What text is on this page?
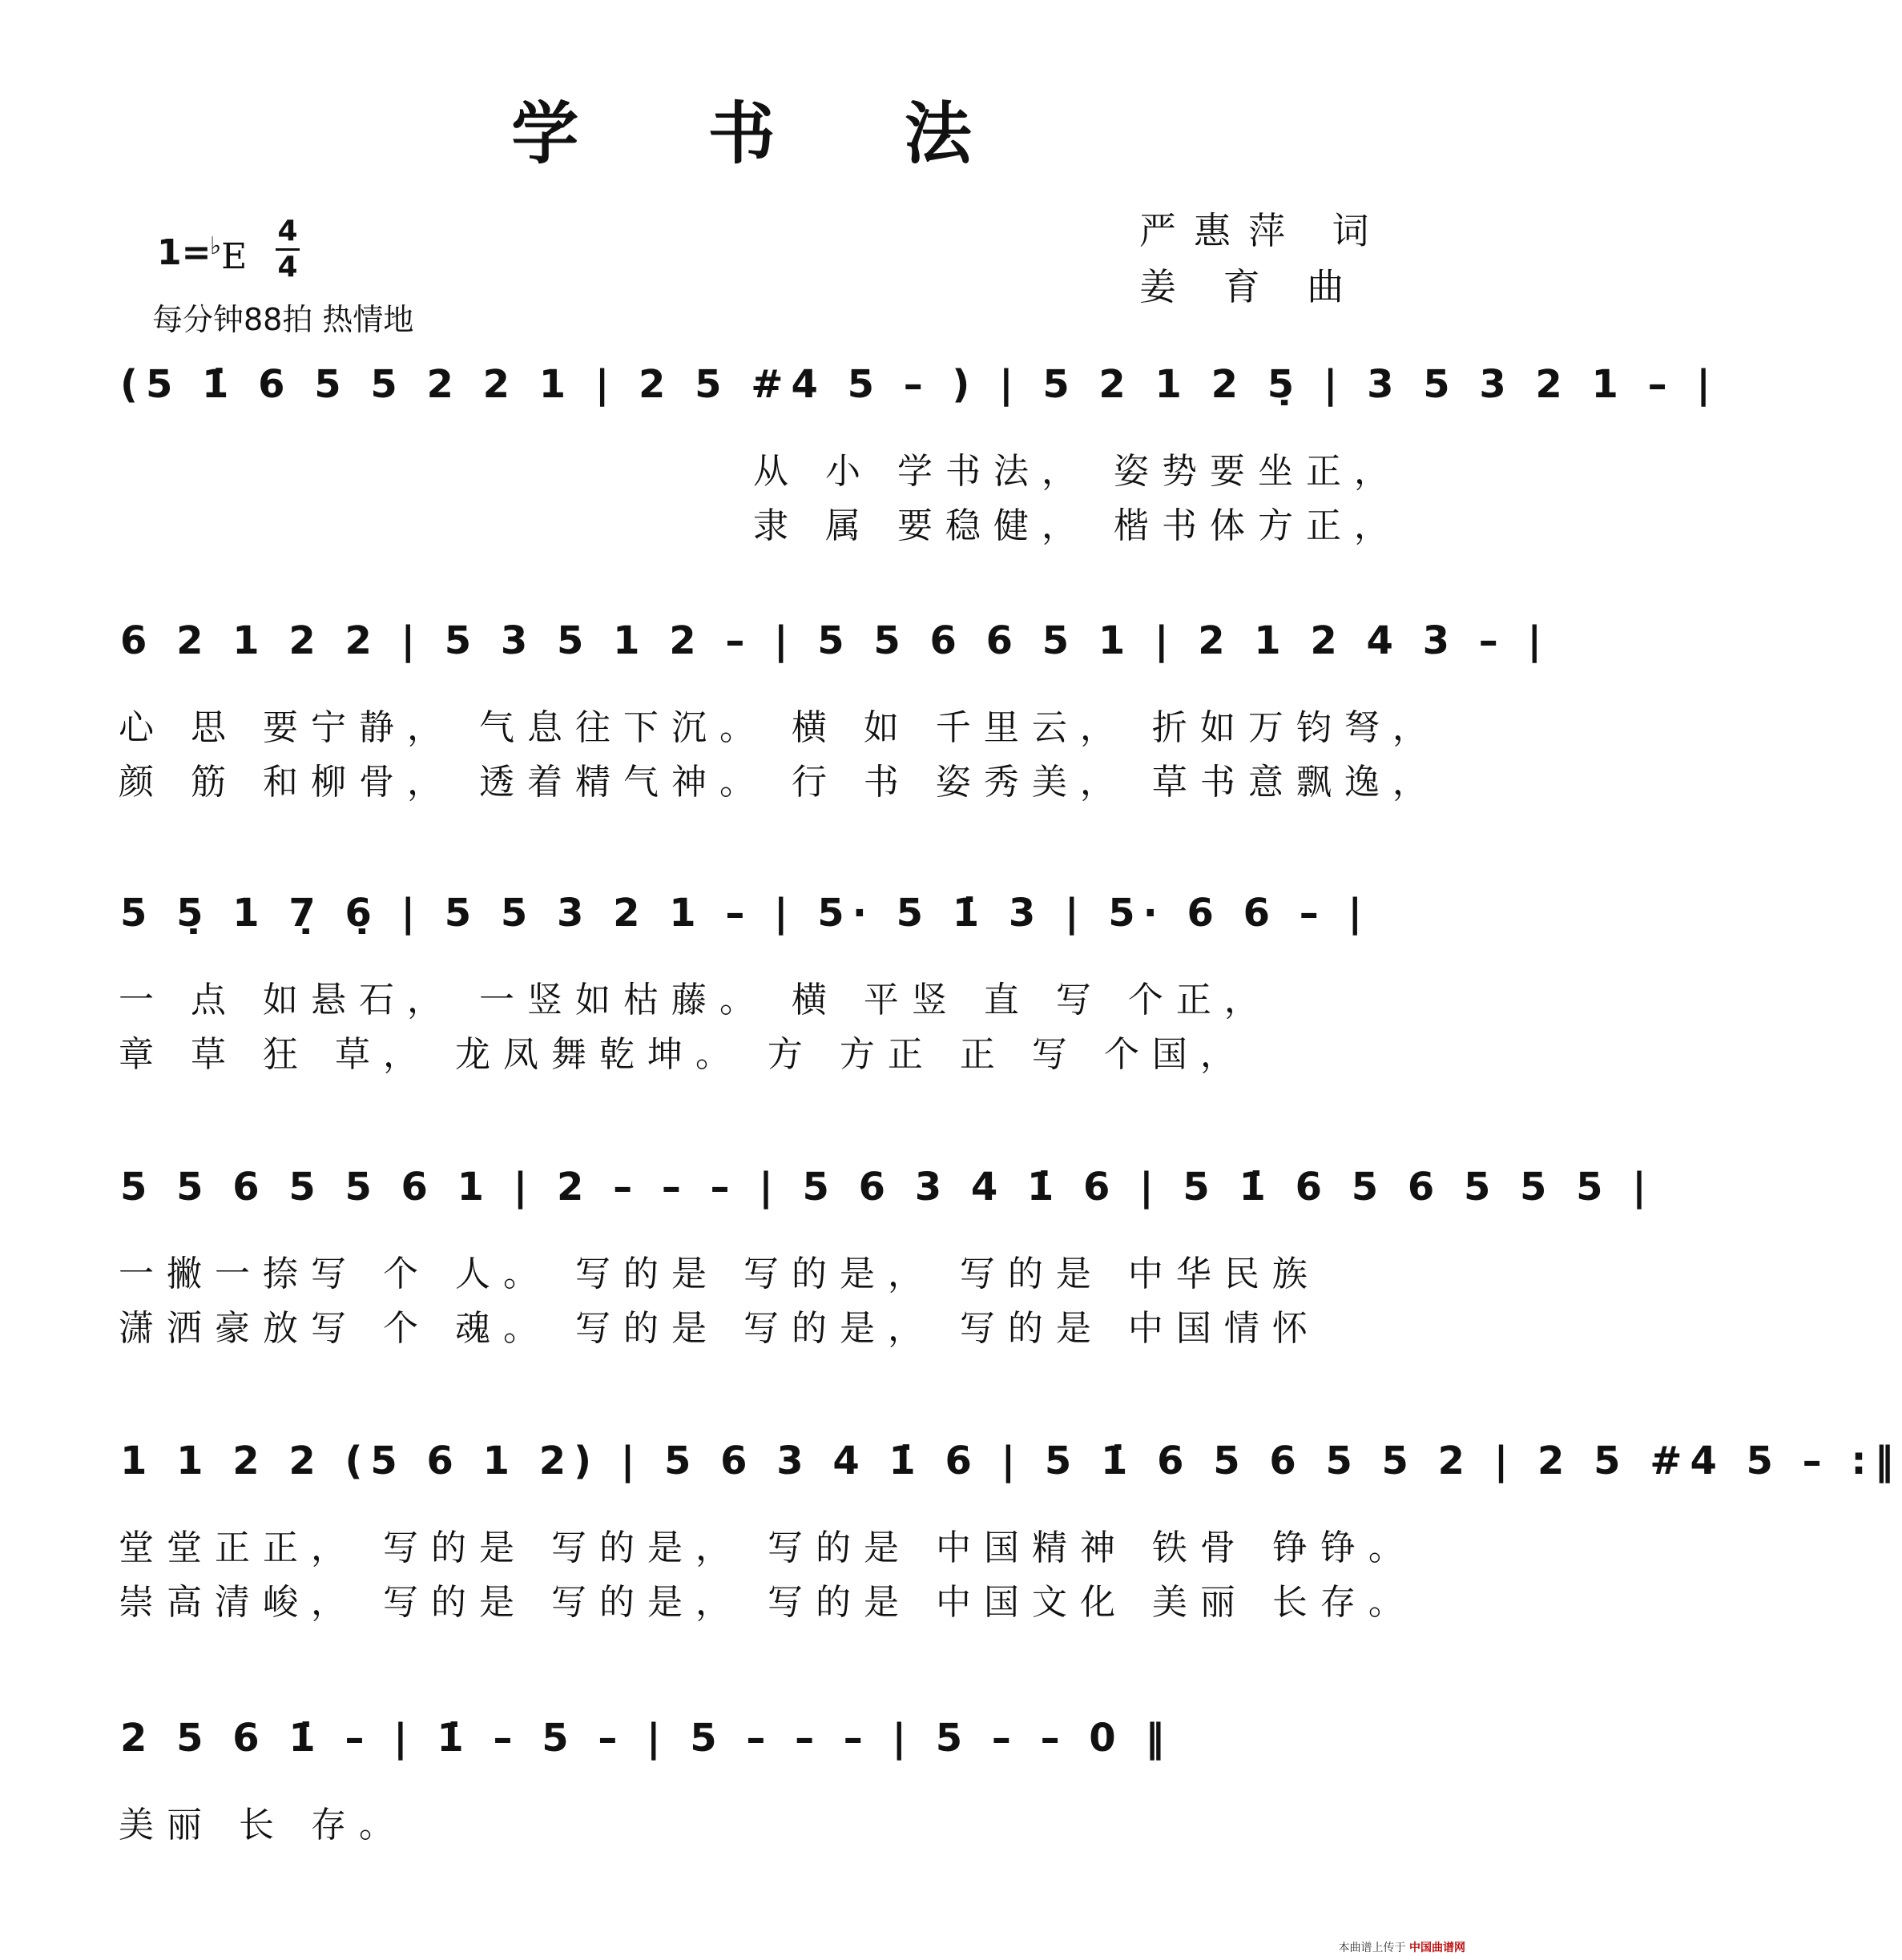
学 书 法
1=
♭E
4
4
每分钟88拍 热情地
严惠萍 词
姜 育 曲
(5 1̇ 6 5 5 2 2 1 | 2 5 #4 5 – ) | 5 2 1 2 5̣ | 3 5 3 2 1 – |
从 小 学书法， 姿势要坐正，
隶 属 要稳健， 楷书体方正，
6 2 1 2 2 | 5 3 5 1 2 – | 5 5 6 6 5 1 | 2 1 2 4 3 – |
心 思 要宁静， 气息往下沉。 横 如 千里云， 折如万钧弩，
颜 筋 和柳骨， 透着精气神。 行 书 姿秀美， 草书意飘逸，
5 5̣ 1 7̣ 6̣ | 5 5 3 2 1 – | 5· 5 1̇ 3 | 5· 6 6 – |
一 点 如悬石， 一竖如枯藤。 横 平竖 直 写 个正，
章 草 狂 草， 龙凤舞乾坤。 方 方正 正 写 个国，
5 5 6 5 5 6 1 | 2 – – – | 5 6 3 4 1̇ 6 | 5 1̇ 6 5 6 5 5 5 |
一撇一捺写 个 人。 写的是 写的是， 写的是 中华民族
潇洒豪放写 个 魂。 写的是 写的是， 写的是 中国情怀
1 1 2 2 (5 6 1 2) | 5 6 3 4 1̇ 6 | 5 1̇ 6 5 6 5 5 2 | 2 5 #4 5 – :‖
堂堂正正， 写的是 写的是， 写的是 中国精神 铁骨 铮铮。
崇高清峻， 写的是 写的是， 写的是 中国文化 美丽 长存。
2 5 6 1̇ – | 1̇ – 5 – | 5 – – – | 5 – – 0 ‖
美丽 长 存。
本曲谱上传于 中国曲谱网
